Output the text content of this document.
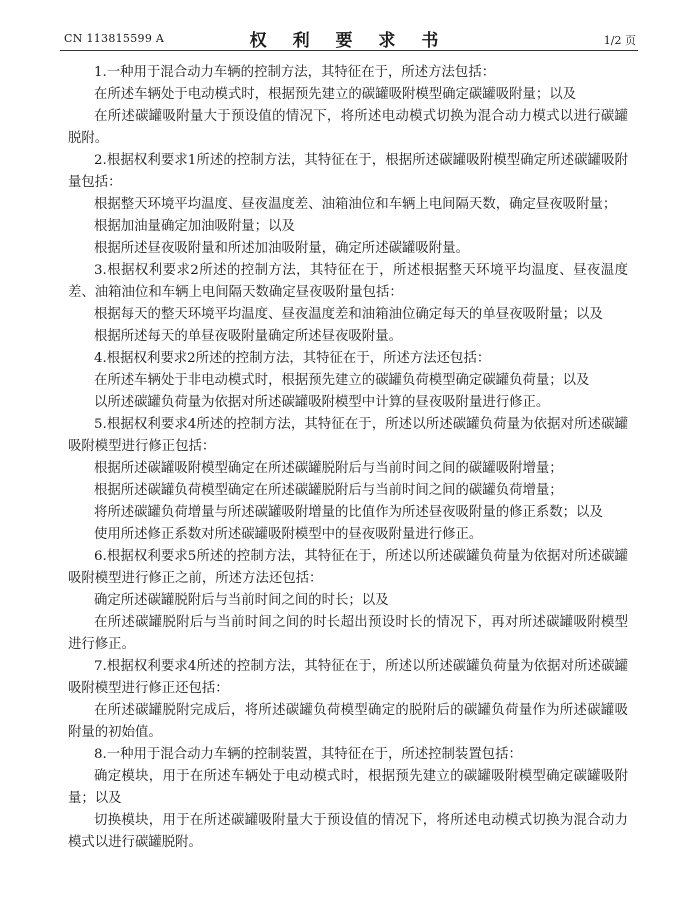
CN 113815599 A	权 利 要 求 书	1/2 页

1.一种用于混合动力车辆的控制方法，其特征在于，所述方法包括：

在所述车辆处于电动模式时，根据预先建立的碳罐吸附模型确定碳罐吸附量；以及

在所述碳罐吸附量大于预设值的情况下，将所述电动模式切换为混合动力模式以进行碳罐脱附。

2.根据权利要求1所述的控制方法，其特征在于，根据所述碳罐吸附模型确定所述碳罐吸附量包括：

根据整天环境平均温度、昼夜温度差、油箱油位和车辆上电间隔天数，确定昼夜吸附量；

根据加油量确定加油吸附量；以及

根据所述昼夜吸附量和所述加油吸附量，确定所述碳罐吸附量。

3.根据权利要求2所述的控制方法，其特征在于，所述根据整天环境平均温度、昼夜温度差、油箱油位和车辆上电间隔天数确定昼夜吸附量包括：

根据每天的整天环境平均温度、昼夜温度差和油箱油位确定每天的单昼夜吸附量；以及

根据所述每天的单昼夜吸附量确定所述昼夜吸附量。

4.根据权利要求2所述的控制方法，其特征在于，所述方法还包括：

在所述车辆处于非电动模式时，根据预先建立的碳罐负荷模型确定碳罐负荷量；以及

以所述碳罐负荷量为依据对所述碳罐吸附模型中计算的昼夜吸附量进行修正。

5.根据权利要求4所述的控制方法，其特征在于，所述以所述碳罐负荷量为依据对所述碳罐吸附模型进行修正包括：

根据所述碳罐吸附模型确定在所述碳罐脱附后与当前时间之间的碳罐吸附增量；

根据所述碳罐负荷模型确定在所述碳罐脱附后与当前时间之间的碳罐负荷增量；

将所述碳罐负荷增量与所述碳罐吸附增量的比值作为所述昼夜吸附量的修正系数；以及

使用所述修正系数对所述碳罐吸附模型中的昼夜吸附量进行修正。

6.根据权利要求5所述的控制方法，其特征在于，所述以所述碳罐负荷量为依据对所述碳罐吸附模型进行修正之前，所述方法还包括：

确定所述碳罐脱附后与当前时间之间的时长；以及

在所述碳罐脱附后与当前时间之间的时长超出预设时长的情况下，再对所述碳罐吸附模型进行修正。

7.根据权利要求4所述的控制方法，其特征在于，所述以所述碳罐负荷量为依据对所述碳罐吸附模型进行修正还包括：

在所述碳罐脱附完成后，将所述碳罐负荷模型确定的脱附后的碳罐负荷量作为所述碳罐吸附量的初始值。

8.一种用于混合动力车辆的控制装置，其特征在于，所述控制装置包括：

确定模块，用于在所述车辆处于电动模式时，根据预先建立的碳罐吸附模型确定碳罐吸附量；以及

切换模块，用于在所述碳罐吸附量大于预设值的情况下，将所述电动模式切换为混合动力模式以进行碳罐脱附。
